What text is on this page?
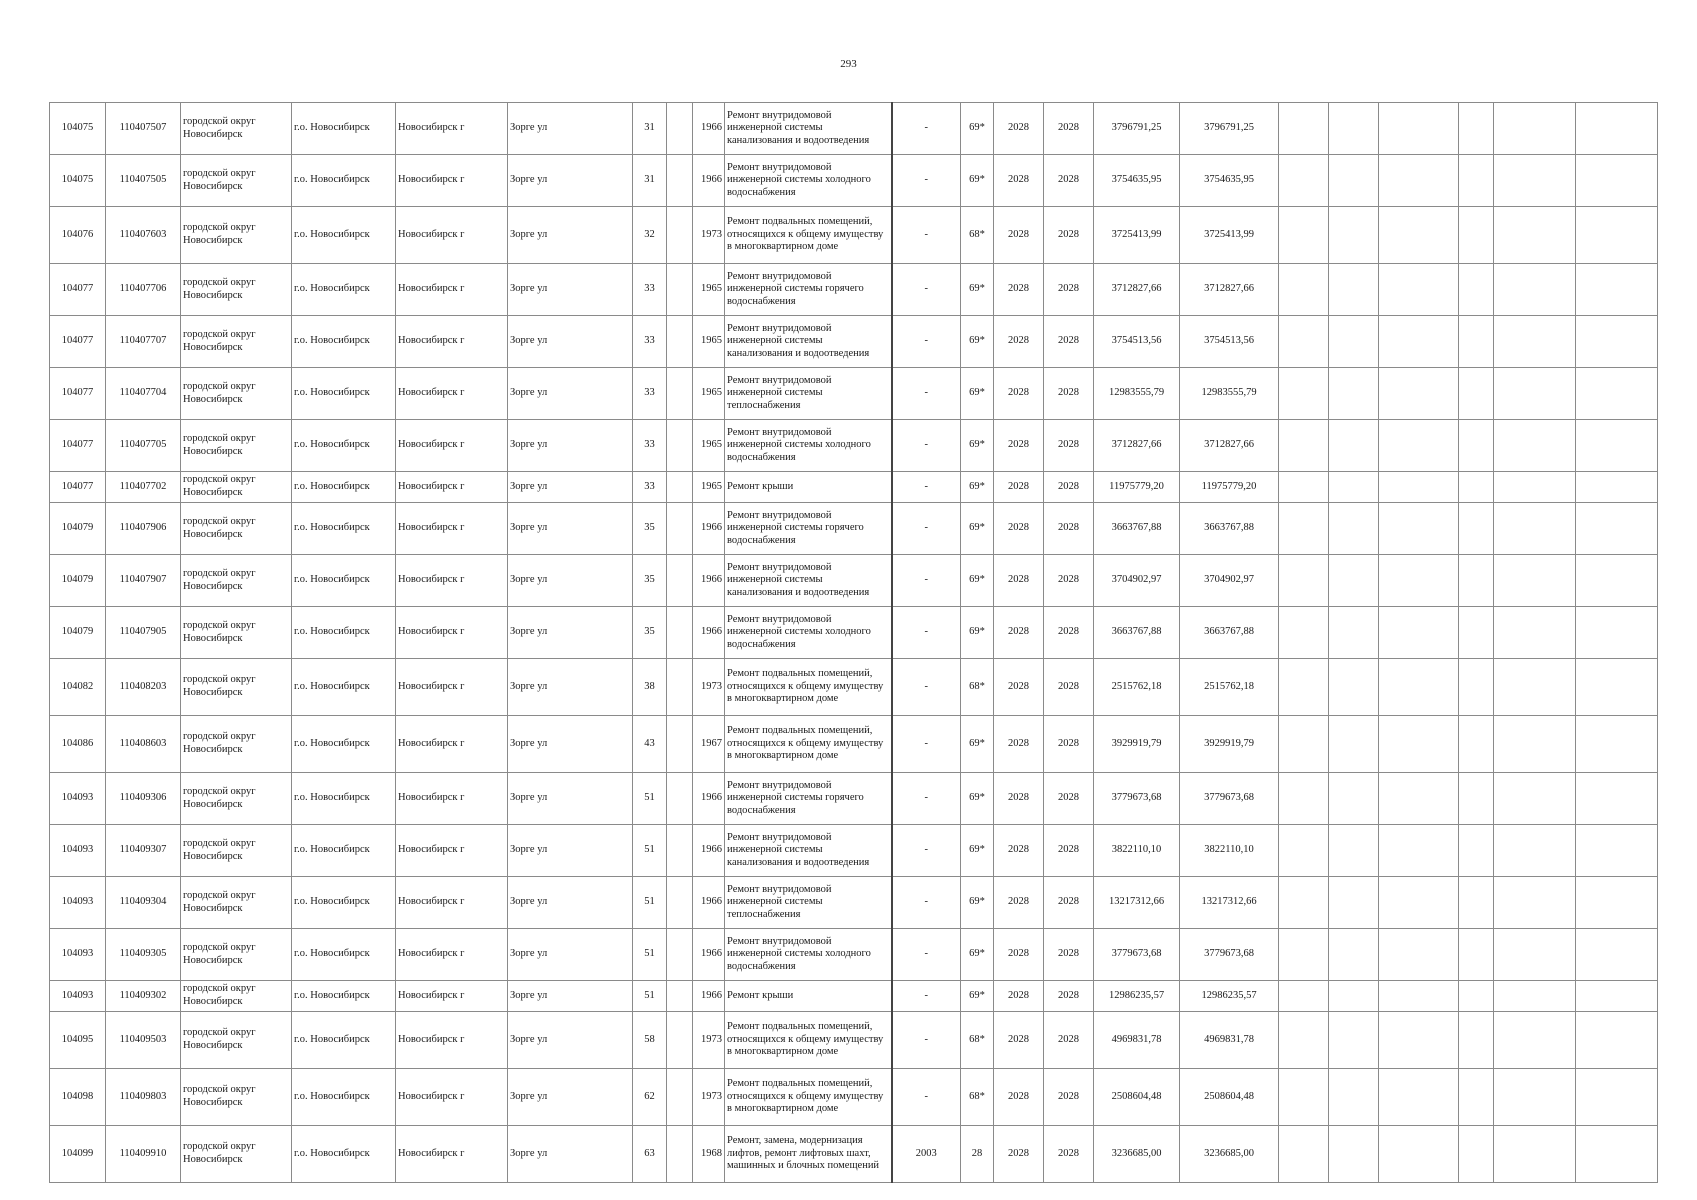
293
104075	110407507	городской округ Новосибирск	г.о. Новосибирск	Новосибирск г	Зорге ул	31		1966	Ремонт внутридомовой инженерной системы канализования и водоотведения	-	69*	2028	2028	3796791,25	3796791,25						
104075	110407505	городской округ Новосибирск	г.о. Новосибирск	Новосибирск г	Зорге ул	31		1966	Ремонт внутридомовой инженерной системы холодного водоснабжения	-	69*	2028	2028	3754635,95	3754635,95						
104076	110407603	городской округ Новосибирск	г.о. Новосибирск	Новосибирск г	Зорге ул	32		1973	Ремонт подвальных помещений, относящихся к общему имуществу в многоквартирном доме	-	68*	2028	2028	3725413,99	3725413,99						
104077	110407706	городской округ Новосибирск	г.о. Новосибирск	Новосибирск г	Зорге ул	33		1965	Ремонт внутридомовой инженерной системы горячего водоснабжения	-	69*	2028	2028	3712827,66	3712827,66						
104077	110407707	городской округ Новосибирск	г.о. Новосибирск	Новосибирск г	Зорге ул	33		1965	Ремонт внутридомовой инженерной системы канализования и водоотведения	-	69*	2028	2028	3754513,56	3754513,56						
104077	110407704	городской округ Новосибирск	г.о. Новосибирск	Новосибирск г	Зорге ул	33		1965	Ремонт внутридомовой инженерной системы теплоснабжения	-	69*	2028	2028	12983555,79	12983555,79						
104077	110407705	городской округ Новосибирск	г.о. Новосибирск	Новосибирск г	Зорге ул	33		1965	Ремонт внутридомовой инженерной системы холодного водоснабжения	-	69*	2028	2028	3712827,66	3712827,66						
104077	110407702	городской округ Новосибирск	г.о. Новосибирск	Новосибирск г	Зорге ул	33		1965	Ремонт крыши	-	69*	2028	2028	11975779,20	11975779,20						
104079	110407906	городской округ Новосибирск	г.о. Новосибирск	Новосибирск г	Зорге ул	35		1966	Ремонт внутридомовой инженерной системы горячего водоснабжения	-	69*	2028	2028	3663767,88	3663767,88						
104079	110407907	городской округ Новосибирск	г.о. Новосибирск	Новосибирск г	Зорге ул	35		1966	Ремонт внутридомовой инженерной системы канализования и водоотведения	-	69*	2028	2028	3704902,97	3704902,97						
104079	110407905	городской округ Новосибирск	г.о. Новосибирск	Новосибирск г	Зорге ул	35		1966	Ремонт внутридомовой инженерной системы холодного водоснабжения	-	69*	2028	2028	3663767,88	3663767,88						
104082	110408203	городской округ Новосибирск	г.о. Новосибирск	Новосибирск г	Зорге ул	38		1973	Ремонт подвальных помещений, относящихся к общему имуществу в многоквартирном доме	-	68*	2028	2028	2515762,18	2515762,18						
104086	110408603	городской округ Новосибирск	г.о. Новосибирск	Новосибирск г	Зорге ул	43		1967	Ремонт подвальных помещений, относящихся к общему имуществу в многоквартирном доме	-	69*	2028	2028	3929919,79	3929919,79						
104093	110409306	городской округ Новосибирск	г.о. Новосибирск	Новосибирск г	Зорге ул	51		1966	Ремонт внутридомовой инженерной системы горячего водоснабжения	-	69*	2028	2028	3779673,68	3779673,68						
104093	110409307	городской округ Новосибирск	г.о. Новосибирск	Новосибирск г	Зорге ул	51		1966	Ремонт внутридомовой инженерной системы канализования и водоотведения	-	69*	2028	2028	3822110,10	3822110,10						
104093	110409304	городской округ Новосибирск	г.о. Новосибирск	Новосибирск г	Зорге ул	51		1966	Ремонт внутридомовой инженерной системы теплоснабжения	-	69*	2028	2028	13217312,66	13217312,66						
104093	110409305	городской округ Новосибирск	г.о. Новосибирск	Новосибирск г	Зорге ул	51		1966	Ремонт внутридомовой инженерной системы холодного водоснабжения	-	69*	2028	2028	3779673,68	3779673,68						
104093	110409302	городской округ Новосибирск	г.о. Новосибирск	Новосибирск г	Зорге ул	51		1966	Ремонт крыши	-	69*	2028	2028	12986235,57	12986235,57						
104095	110409503	городской округ Новосибирск	г.о. Новосибирск	Новосибирск г	Зорге ул	58		1973	Ремонт подвальных помещений, относящихся к общему имуществу в многоквартирном доме	-	68*	2028	2028	4969831,78	4969831,78						
104098	110409803	городской округ Новосибирск	г.о. Новосибирск	Новосибирск г	Зорге ул	62		1973	Ремонт подвальных помещений, относящихся к общему имуществу в многоквартирном доме	-	68*	2028	2028	2508604,48	2508604,48						
104099	110409910	городской округ Новосибирск	г.о. Новосибирск	Новосибирск г	Зорге ул	63		1968	Ремонт, замена, модернизация лифтов, ремонт лифтовых шахт, машинных и блочных помещений	2003	28	2028	2028	3236685,00	3236685,00						
